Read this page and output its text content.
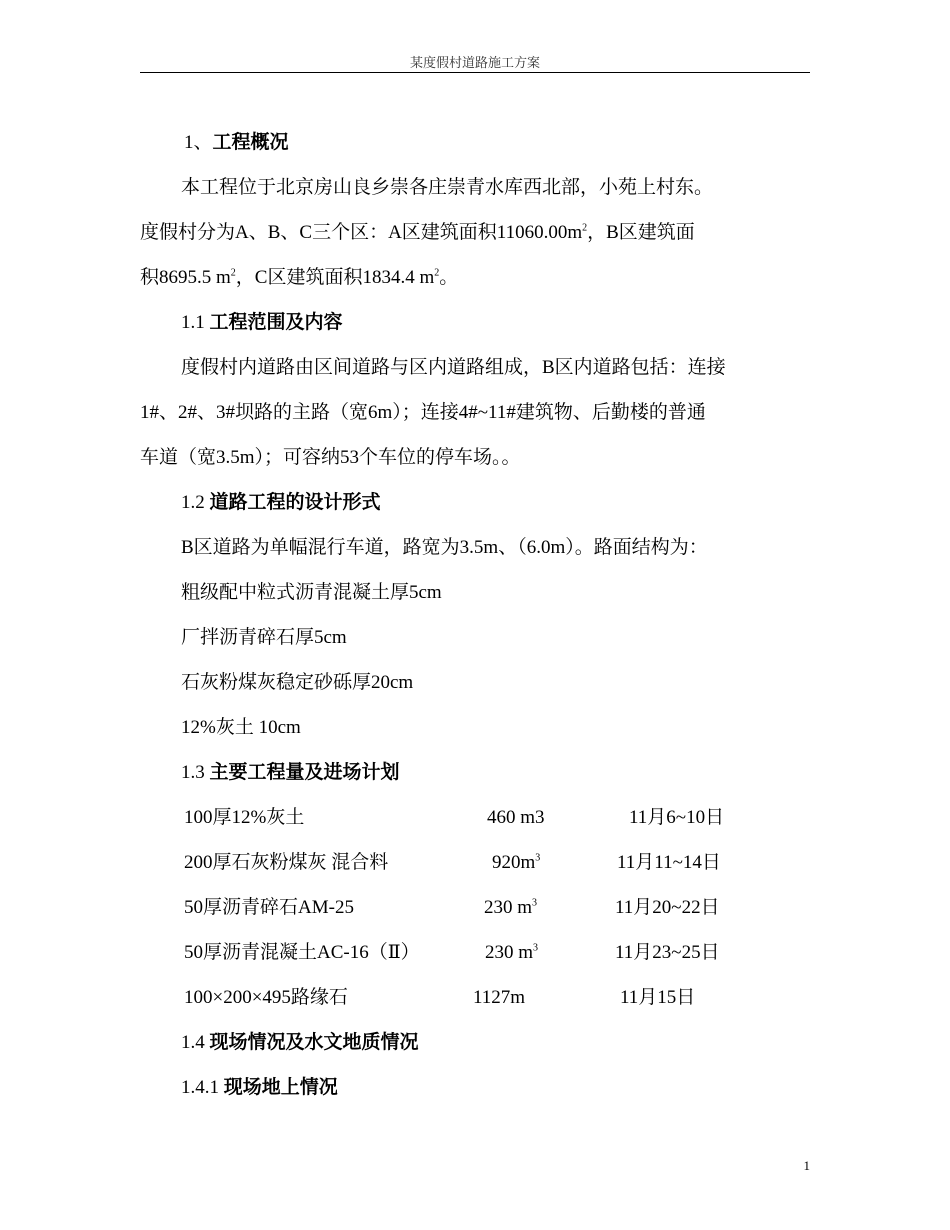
某度假村道路施工方案
1、工程概况
本工程位于北京房山良乡崇各庄崇青水库西北部，小苑上村东。
度假村分为A、B、C三个区：A区建筑面积$11060.00m^2$，B区建筑面
积8695.5 $m^2$，C区建筑面积1834.4 $m^2$。
1.1 工程范围及内容
度假村内道路由区间道路与区内道路组成，B区内道路包括：连接
1#、2#、3#坝路的主路（宽6m）；连接4#~11#建筑物、后勤楼的普通
车道（宽3.5m）；可容纳53个车位的停车场。。
1.2 道路工程的设计形式
B区道路为单幅混行车道，路宽为3.5m、（6.0m）。路面结构为：
粗级配中粒式沥青混凝土厚5cm
厂拌沥青碎石厚5cm
石灰粉煤灰稳定砂砾厚20cm
12%灰土 10cm
1.3 主要工程量及进场计划
100厚12%灰土	460 m3	11月6~10日
200厚石灰粉煤灰 混合料	$920m^3$	11月11~14日
50厚沥青碎石AM-25	230 $m^3$	11月20~22日
50厚沥青混凝土AC-16（Ⅱ）	230 $m^3$	11月23~25日
100×200×495路缘石	1127m	11月15日
1.4 现场情况及水文地质情况
1.4.1 现场地上情况
1
